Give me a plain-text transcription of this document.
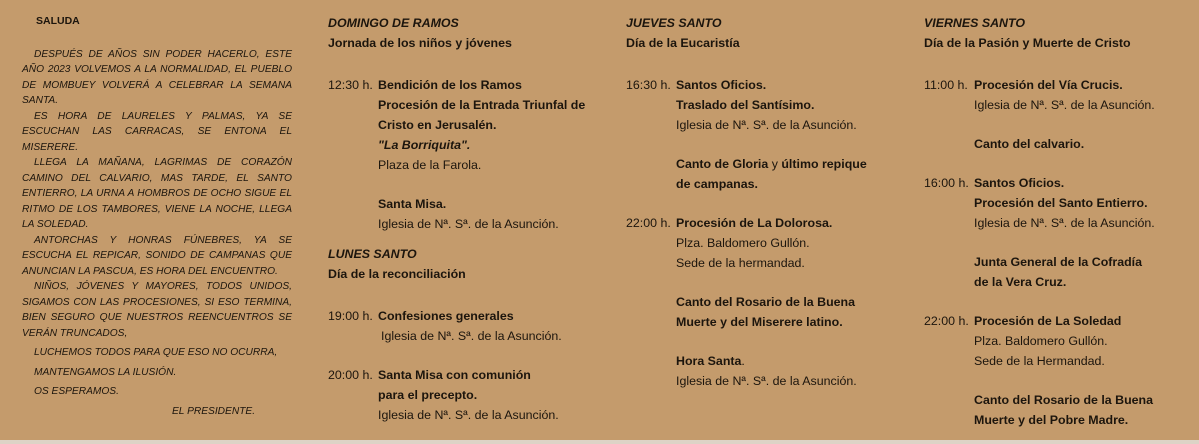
SALUDA

DESPUÉS DE AÑOS SIN PODER HACERLO, ESTE AÑO 2023 VOLVEMOS A LA NORMALIDAD, EL PUEBLO DE MOMBUEY VOLVERÁ A CELEBRAR LA SEMANA SANTA.

ES HORA DE LAURELES Y PALMAS, YA SE ESCUCHAN LAS CARRACAS, SE ENTONA EL MISERERE.

LLEGA LA MAÑANA, LAGRIMAS DE CORAZÓN CAMINO DEL CALVARIO, MAS TARDE, EL SANTO ENTIERRO, LA URNA A HOMBROS DE OCHO SIGUE EL RITMO DE LOS TAMBORES, VIENE LA NOCHE, LLEGA LA SOLEDAD.

ANTORCHAS Y HONRAS FÚNEBRES, YA SE ESCUCHA EL REPICAR, SONIDO DE CAMPANAS QUE ANUNCIAN LA PASCUA, ES HORA DEL ENCUENTRO.

NIÑOS, JÓVENES Y MAYORES, TODOS UNIDOS, SIGAMOS CON LAS PROCESIONES, SI ESO TERMINA, BIEN SEGURO QUE NUESTROS REENCUENTROS SE VERÁN TRUNCADOS,

LUCHEMOS TODOS PARA QUE ESO NO OCURRA,

MANTENGAMOS LA ILUSIÓN.

OS ESPERAMOS.

EL PRESIDENTE.

DOMINGO DE RAMOS
Jornada de los niños y jóvenes
12:30 h. Bendición de los Ramos
Procesión de la Entrada Triunfal de
Cristo en Jerusalén.
"La Borriquita".
Plaza de la Farola.
Santa Misa.
Iglesia de Nª. Sª. de la Asunción.
LUNES SANTO
Día de la reconciliación
19:00 h. Confesiones generales
Iglesia de Nª. Sª. de la Asunción.
20:00 h. Santa Misa con comunión
para el precepto.
Iglesia de Nª. Sª. de la Asunción.
JUEVES SANTO
Día de la Eucaristía
16:30 h. Santos Oficios.
Traslado del Santísimo.
Iglesia de Nª. Sª. de la Asunción.
Canto de Gloria y último repique
de campanas.
22:00 h. Procesión de La Dolorosa.
Plza. Baldomero Gullón.
Sede de la hermandad.
Canto del Rosario de la Buena
Muerte y del Miserere latino.
Hora Santa.
Iglesia de Nª. Sª. de la Asunción.
VIERNES SANTO
Día de la Pasión y Muerte de Cristo
11:00 h. Procesión del Vía Crucis.
Iglesia de Nª. Sª. de la Asunción.
Canto del calvario.
16:00 h. Santos Oficios.
Procesión del Santo Entierro.
Iglesia de Nª. Sª. de la Asunción.
Junta General de la Cofradía
de la Vera Cruz.
22:00 h. Procesión de La Soledad
Plza. Baldomero Gullón.
Sede de la Hermandad.
Canto del Rosario de la Buena
Muerte y del Pobre Madre.
